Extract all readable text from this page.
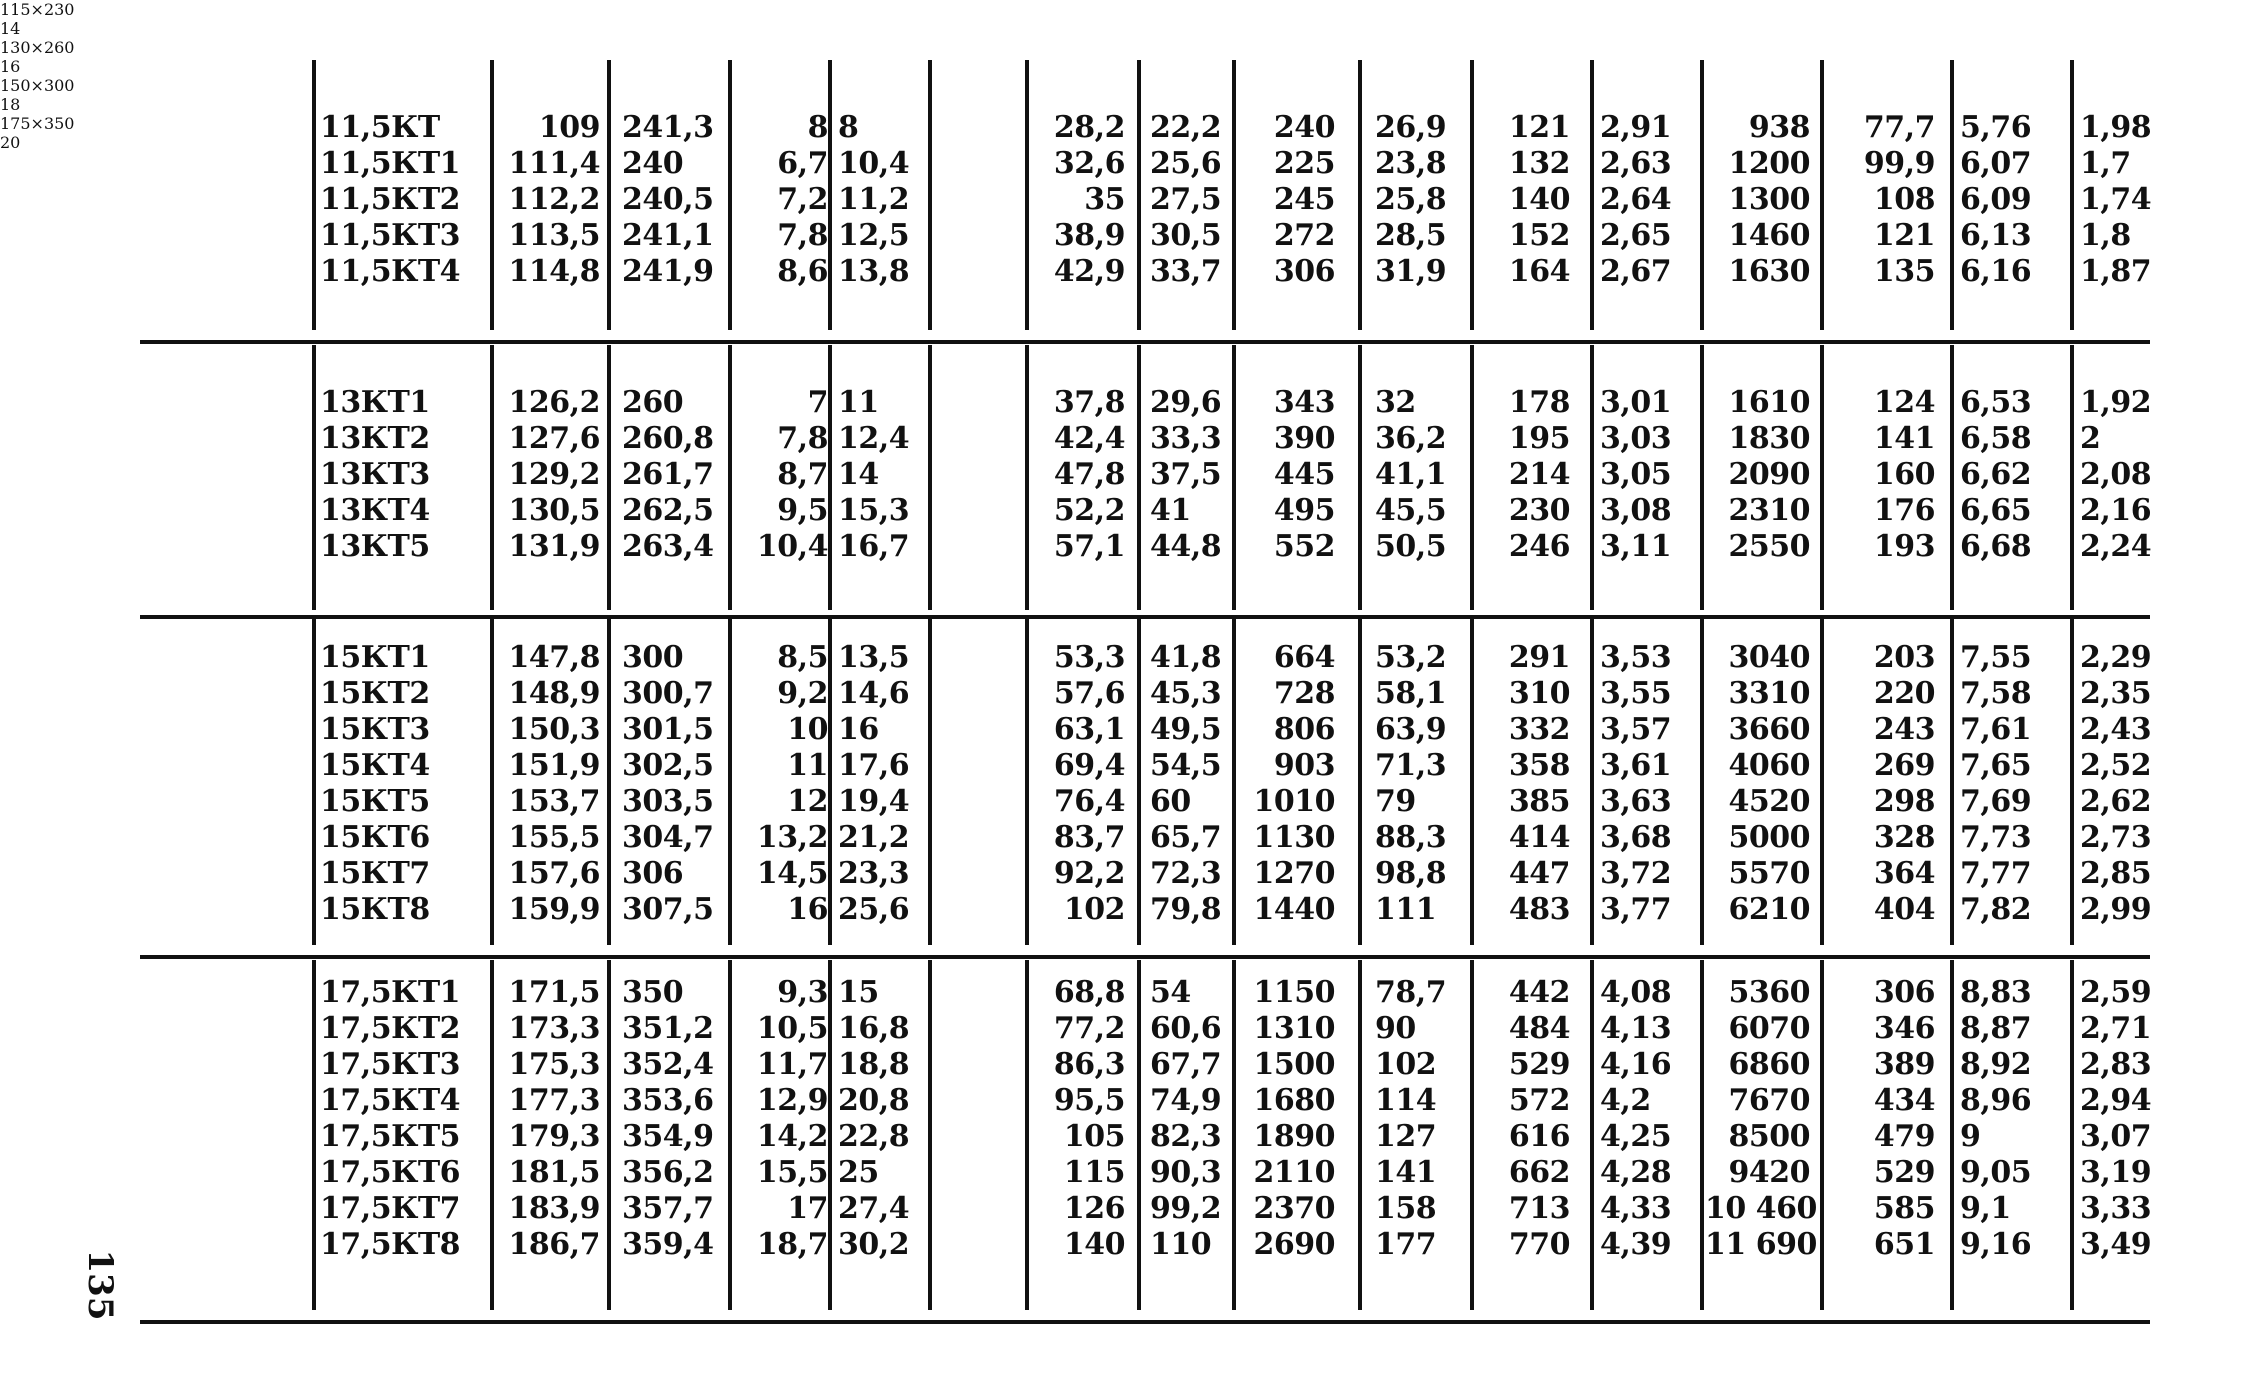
135
115×230
14
11,5КТ
11,5КТ1
11,5КТ2
11,5КТ3
11,5КТ4
109
111,4
112,2
113,5
114,8
241,3
240
240,5
241,1
241,9
8
6,7
7,2
7,8
8,6
8
10,4
11,2
12,5
13,8
28,2
32,6
35
38,9
42,9
22,2
25,6
27,5
30,5
33,7
240
225
245
272
306
26,9
23,8
25,8
28,5
31,9
121
132
140
152
164
2,91
2,63
2,64
2,65
2,67
938
1200
1300
1460
1630
77,7
99,9
108
121
135
5,76
6,07
6,09
6,13
6,16
1,98
1,7
1,74
1,8
1,87
130×260
16
13КТ1
13КТ2
13КТ3
13КТ4
13КТ5
126,2
127,6
129,2
130,5
131,9
260
260,8
261,7
262,5
263,4
7
7,8
8,7
9,5
10,4
11
12,4
14
15,3
16,7
37,8
42,4
47,8
52,2
57,1
29,6
33,3
37,5
41
44,8
343
390
445
495
552
32
36,2
41,1
45,5
50,5
178
195
214
230
246
3,01
3,03
3,05
3,08
3,11
1610
1830
2090
2310
2550
124
141
160
176
193
6,53
6,58
6,62
6,65
6,68
1,92
2
2,08
2,16
2,24
150×300
18
15КТ1
15КТ2
15КТ3
15КТ4
15КТ5
15КТ6
15КТ7
15КТ8
147,8
148,9
150,3
151,9
153,7
155,5
157,6
159,9
300
300,7
301,5
302,5
303,5
304,7
306
307,5
8,5
9,2
10
11
12
13,2
14,5
16
13,5
14,6
16
17,6
19,4
21,2
23,3
25,6
53,3
57,6
63,1
69,4
76,4
83,7
92,2
102
41,8
45,3
49,5
54,5
60
65,7
72,3
79,8
664
728
806
903
1010
1130
1270
1440
53,2
58,1
63,9
71,3
79
88,3
98,8
111
291
310
332
358
385
414
447
483
3,53
3,55
3,57
3,61
3,63
3,68
3,72
3,77
3040
3310
3660
4060
4520
5000
5570
6210
203
220
243
269
298
328
364
404
7,55
7,58
7,61
7,65
7,69
7,73
7,77
7,82
2,29
2,35
2,43
2,52
2,62
2,73
2,85
2,99
175×350
20
17,5КТ1
17,5КТ2
17,5КТ3
17,5КТ4
17,5КТ5
17,5КТ6
17,5КТ7
17,5КТ8
171,5
173,3
175,3
177,3
179,3
181,5
183,9
186,7
350
351,2
352,4
353,6
354,9
356,2
357,7
359,4
9,3
10,5
11,7
12,9
14,2
15,5
17
18,7
15
16,8
18,8
20,8
22,8
25
27,4
30,2
68,8
77,2
86,3
95,5
105
115
126
140
54
60,6
67,7
74,9
82,3
90,3
99,2
110
1150
1310
1500
1680
1890
2110
2370
2690
78,7
90
102
114
127
141
158
177
442
484
529
572
616
662
713
770
4,08
4,13
4,16
4,2
4,25
4,28
4,33
4,39
5360
6070
6860
7670
8500
9420
10 460
11 690
306
346
389
434
479
529
585
651
8,83
8,87
8,92
8,96
9
9,05
9,1
9,16
2,59
2,71
2,83
2,94
3,07
3,19
3,33
3,49
